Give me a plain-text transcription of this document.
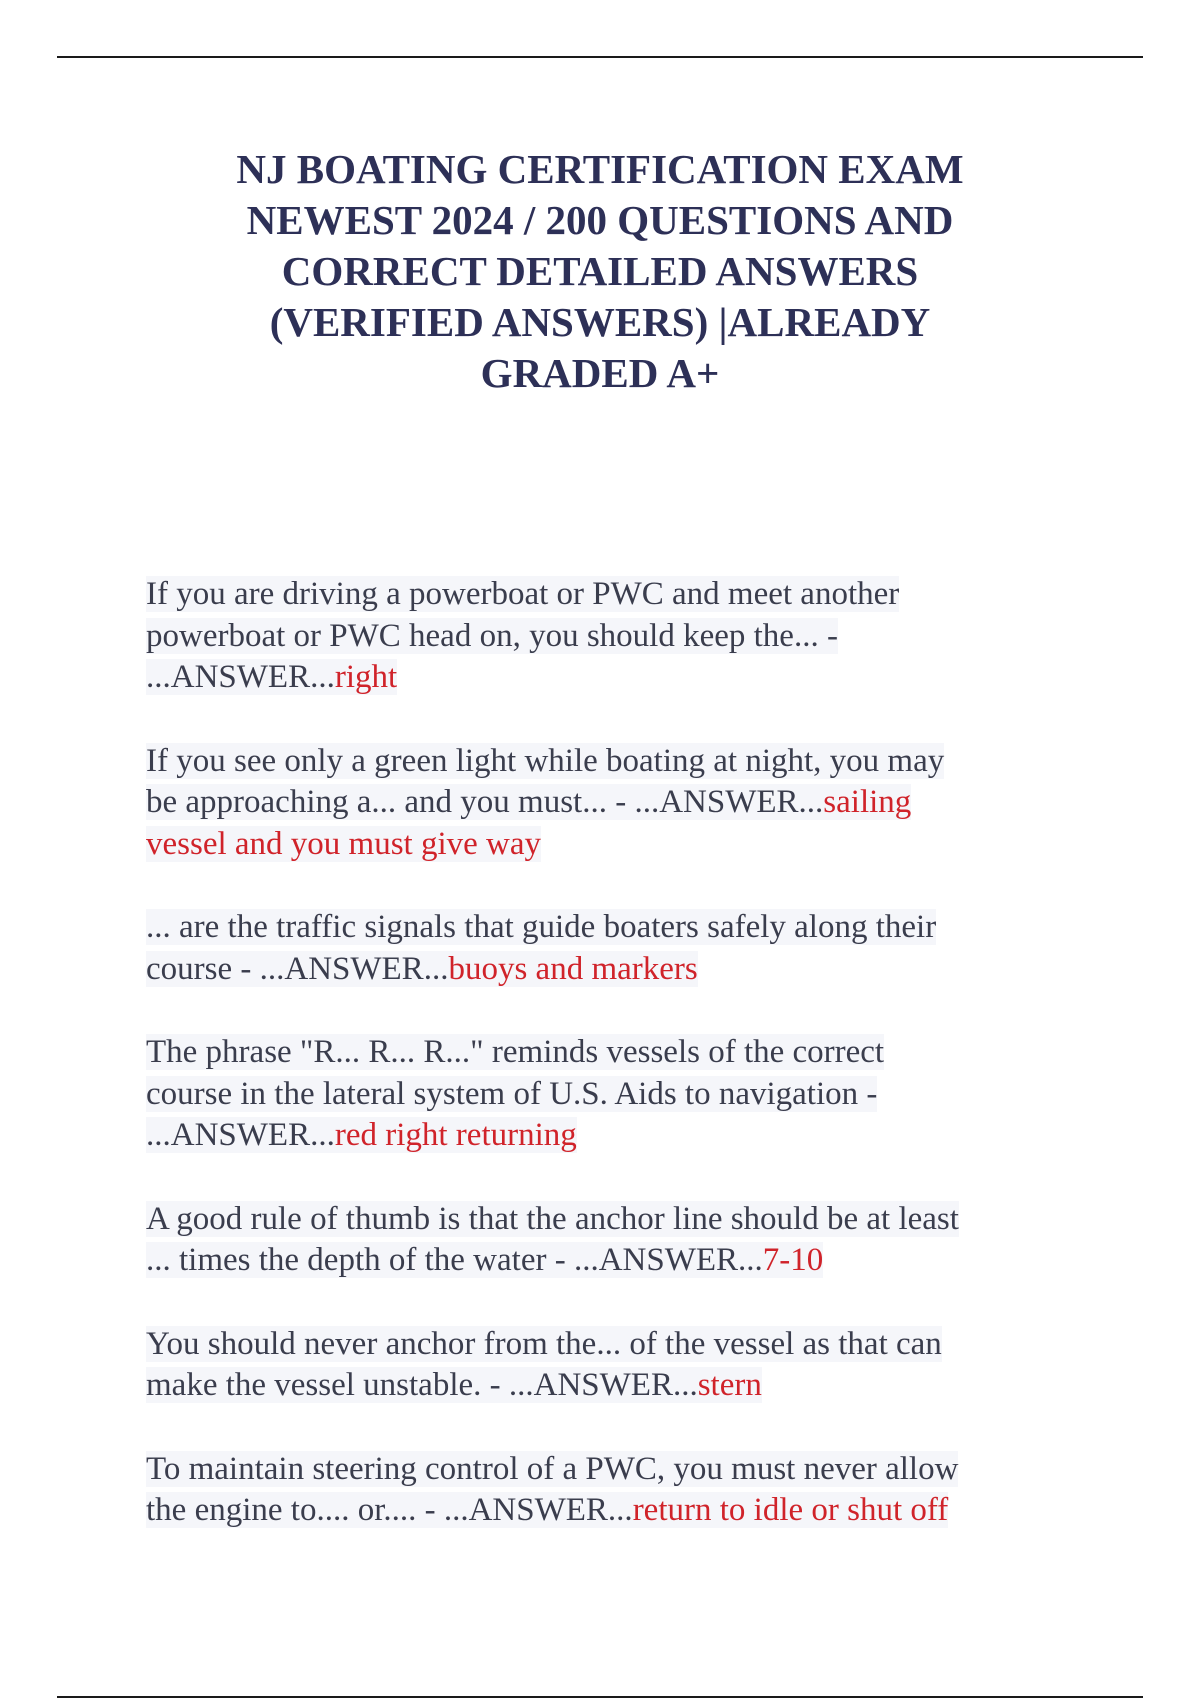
NJ BOATING CERTIFICATION EXAM
NEWEST 2024 / 200 QUESTIONS AND
CORRECT DETAILED ANSWERS
(VERIFIED ANSWERS) |ALREADY
GRADED A+

If you are driving a powerboat or PWC and meet another
powerboat or PWC head on, you should keep the... -
...ANSWER...right

If you see only a green light while boating at night, you may
be approaching a... and you must... - ...ANSWER...sailing
vessel and you must give way

... are the traffic signals that guide boaters safely along their
course - ...ANSWER...buoys and markers

The phrase "R... R... R..." reminds vessels of the correct
course in the lateral system of U.S. Aids to navigation -
...ANSWER...red right returning

A good rule of thumb is that the anchor line should be at least
... times the depth of the water - ...ANSWER...7-10

You should never anchor from the... of the vessel as that can
make the vessel unstable. - ...ANSWER...stern

To maintain steering control of a PWC, you must never allow
the engine to.... or.... - ...ANSWER...return to idle or shut off
